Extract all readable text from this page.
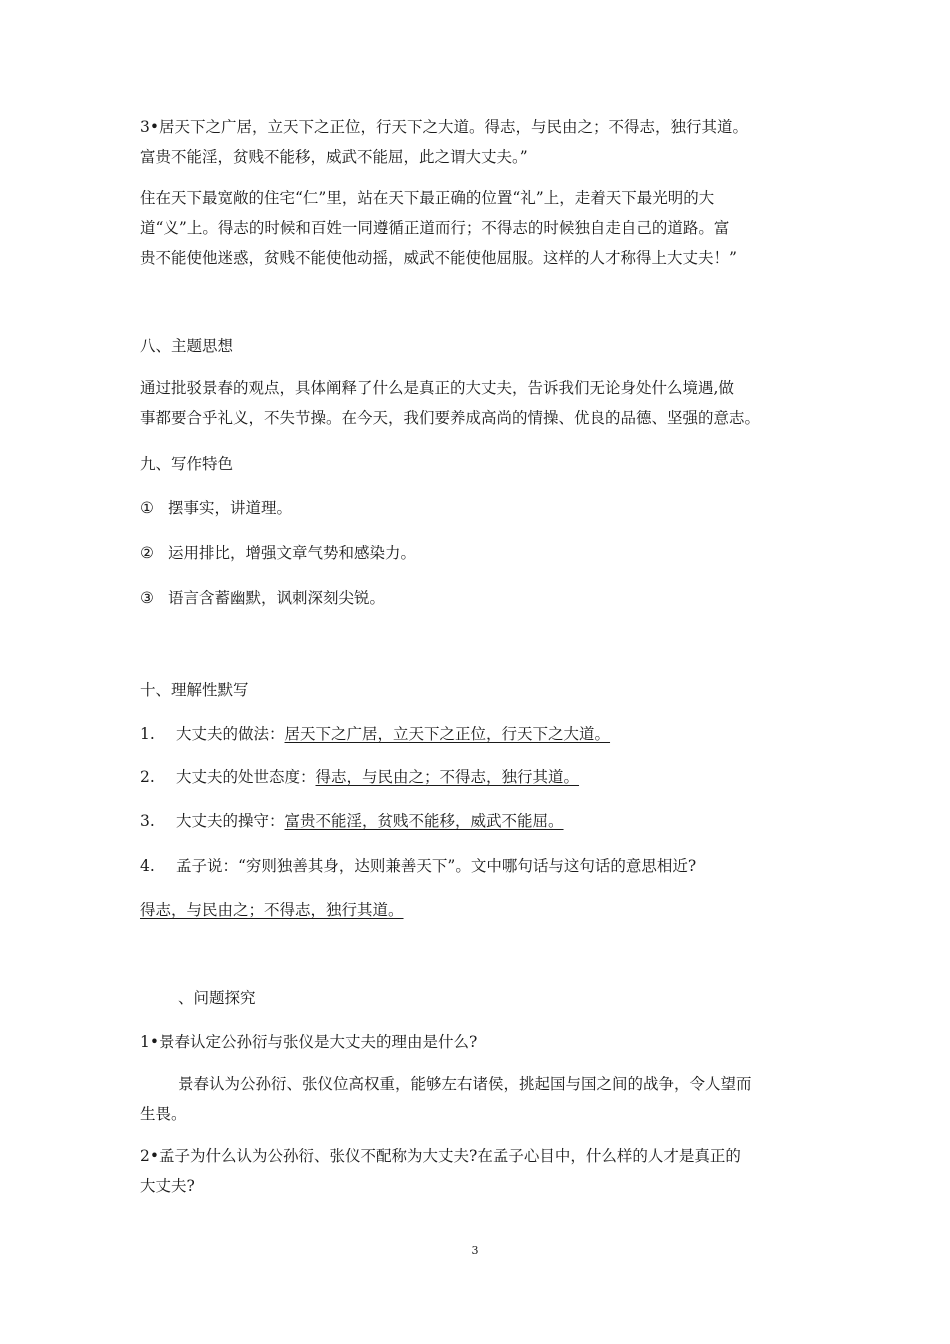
3•居天下之广居，立天下之正位，行天下之大道。得志，与民由之；不得志，独行其道。
富贵不能淫，贫贱不能移，威武不能屈，此之谓大丈夫。”
住在天下最宽敞的住宅“仁”里，站在天下最正确的位置“礼”上，走着天下最光明的大
道“义”上。得志的时候和百姓一同遵循正道而行；不得志的时候独自走自己的道路。富
贵不能使他迷惑，贫贱不能使他动摇，威武不能使他屈服。这样的人才称得上大丈夫！”
八、主题思想
通过批驳景春的观点，具体阐释了什么是真正的大丈夫，告诉我们无论身处什么境遇,做
事都要合乎礼义，不失节操。在今天，我们要养成高尚的情操、优良的品德、坚强的意志。
九、写作特色
① 摆事实，讲道理。
② 运用排比，增强文章气势和感染力。
③ 语言含蓄幽默，讽刺深刻尖锐。
十、理解性默写
1. 大丈夫的做法：居天下之广居，立天下之正位，行天下之大道。
2. 大丈夫的处世态度：得志，与民由之；不得志，独行其道。
3. 大丈夫的操守：富贵不能淫，贫贱不能移，威武不能屈。
4. 孟子说：“穷则独善其身，达则兼善天下”。文中哪句话与这句话的意思相近?
得志，与民由之；不得志，独行其道。
、问题探究
1•景春认定公孙衍与张仪是大丈夫的理由是什么?
景春认为公孙衍、张仪位高权重，能够左右诸侯，挑起国与国之间的战争，令人望而
生畏。
2•孟子为什么认为公孙衍、张仪不配称为大丈夫?在孟子心目中，什么样的人才是真正的
大丈夫?
3
